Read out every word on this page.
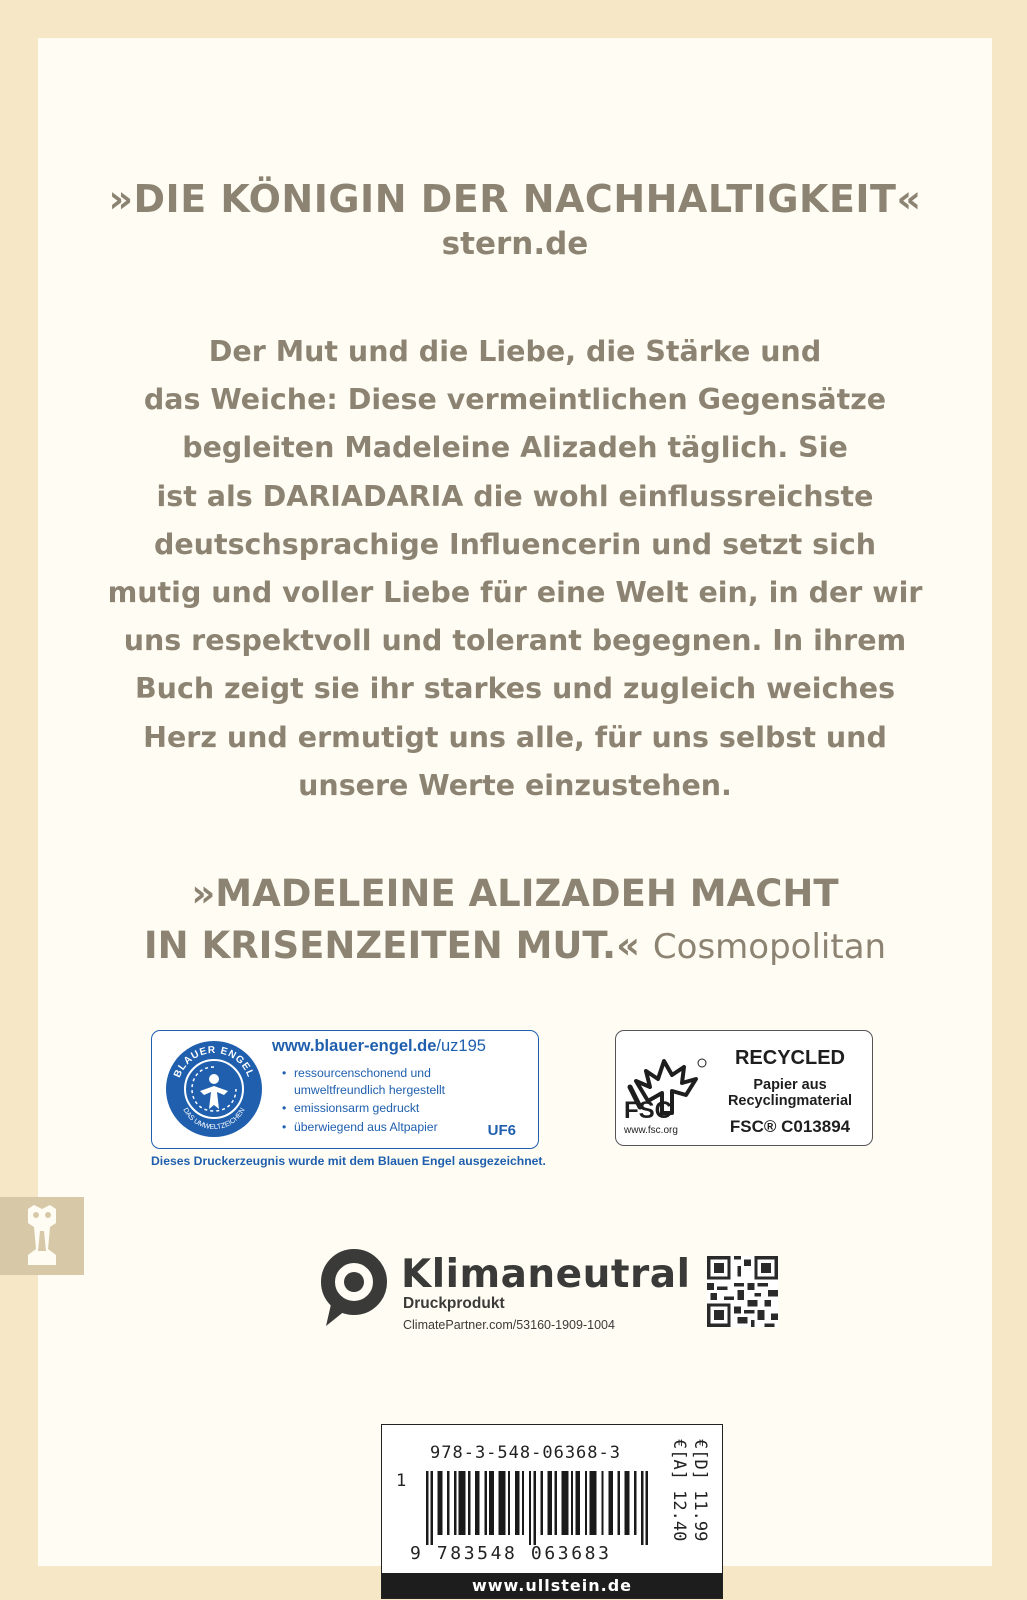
»DIE KÖNIGIN DER NACHHALTIGKEIT«
stern.de
Der Mut und die Liebe, die Stärke und
das Weiche: Diese vermeintlichen Gegensätze
begleiten Madeleine Alizadeh täglich. Sie
ist als DARIADARIA die wohl einflussreichste
deutschsprachige Influencerin und setzt sich
mutig und voller Liebe für eine Welt ein, in der wir
uns respektvoll und tolerant begegnen. In ihrem
Buch zeigt sie ihr starkes und zugleich weiches
Herz und ermutigt uns alle, für uns selbst und
unsere Werte einzustehen.
»MADELEINE ALIZADEH MACHT
IN KRISENZEITEN MUT.« Cosmopolitan
BLAUER ENGEL
DAS UMWELTZEICHEN
www.blauer-engel.de/uz195
• ressourcenschonend und umweltfreundlich hergestellt
• emissionsarm gedruckt
• überwiegend aus Altpapier	UF6
Dieses Druckerzeugnis wurde mit dem Blauen Engel ausgezeichnet.
FSC
www.fsc.org
RECYCLED
Papier aus
Recyclingmaterial
FSC® C013894
Klimaneutral
Druckprodukt
ClimatePartner.com/53160-1909-1004
978-3-548-06368-3
1
9 783548 063683
€[D] 11.99
€[A] 12.40
www.ullstein.de
